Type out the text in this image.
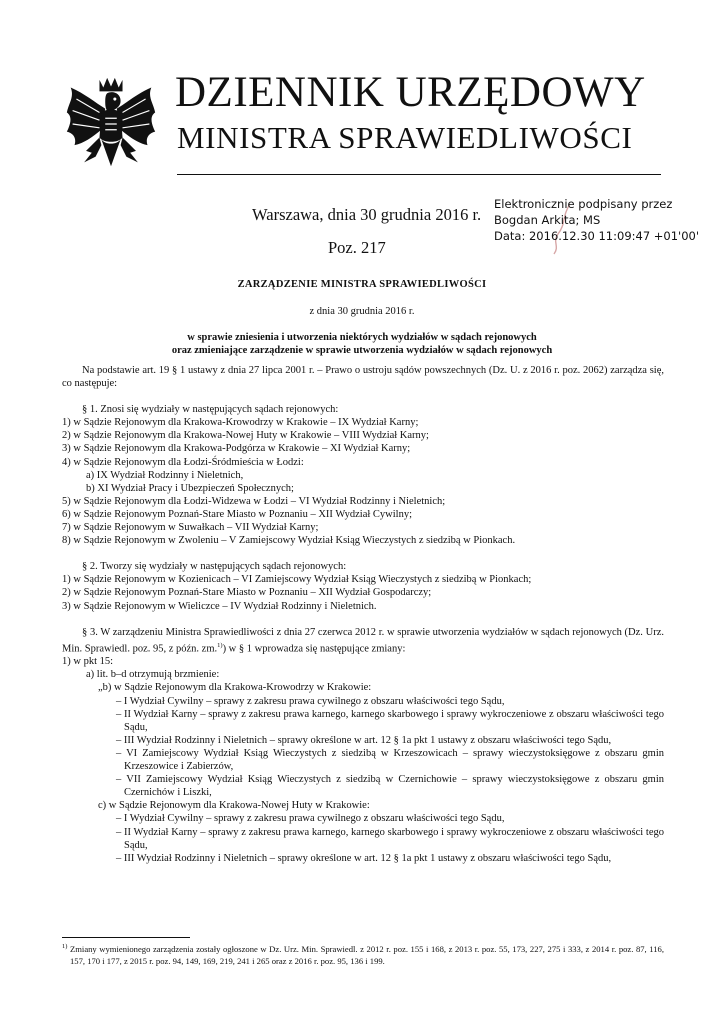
DZIENNIK URZĘDOWY
MINISTRA SPRAWIEDLIWOŚCI
Warszawa, dnia 30 grudnia 2016 r.
Poz. 217
Elektronicznie podpisany przez
Bogdan Arkita; MS
Data: 2016.12.30 11:09:47 +01'00'
ZARZĄDZENIE MINISTRA SPRAWIEDLIWOŚCI
z dnia 30 grudnia 2016 r.
w sprawie zniesienia i utworzenia niektórych wydziałów w sądach rejonowych
oraz zmieniające zarządzenie w sprawie utworzenia wydziałów w sądach rejonowych

Na podstawie art. 19 § 1 ustawy z dnia 27 lipca 2001 r. – Prawo o ustroju sądów powszechnych (Dz. U. z 2016 r. poz. 2062) zarządza się, co następuje:

§ 1. Znosi się wydziały w następujących sądach rejonowych:

1) w Sądzie Rejonowym dla Krakowa-Krowodrzy w Krakowie – IX Wydział Karny;

2) w Sądzie Rejonowym dla Krakowa-Nowej Huty w Krakowie – VIII Wydział Karny;

3) w Sądzie Rejonowym dla Krakowa-Podgórza w Krakowie – XI Wydział Karny;

4) w Sądzie Rejonowym dla Łodzi-Śródmieścia w Łodzi:

a) IX Wydział Rodzinny i Nieletnich,

b) XI Wydział Pracy i Ubezpieczeń Społecznych;

5) w Sądzie Rejonowym dla Łodzi-Widzewa w Łodzi – VI Wydział Rodzinny i Nieletnich;

6) w Sądzie Rejonowym Poznań-Stare Miasto w Poznaniu – XII Wydział Cywilny;

7) w Sądzie Rejonowym w Suwałkach – VII Wydział Karny;

8) w Sądzie Rejonowym w Zwoleniu – V Zamiejscowy Wydział Ksiąg Wieczystych z siedzibą w Pionkach.

§ 2. Tworzy się wydziały w następujących sądach rejonowych:

1) w Sądzie Rejonowym w Kozienicach – VI Zamiejscowy Wydział Ksiąg Wieczystych z siedzibą w Pionkach;

2) w Sądzie Rejonowym Poznań-Stare Miasto w Poznaniu – XII Wydział Gospodarczy;

3) w Sądzie Rejonowym w Wieliczce – IV Wydział Rodzinny i Nieletnich.

§ 3. W zarządzeniu Ministra Sprawiedliwości z dnia 27 czerwca 2012 r. w sprawie utworzenia wydziałów w sądach rejonowych (Dz. Urz. Min. Sprawiedl. poz. 95, z późn. zm.$^{1)}$) w § 1 wprowadza się następujące zmiany:

1) w pkt 15:

a) lit. b–d otrzymują brzmienie:

„b) w Sądzie Rejonowym dla Krakowa-Krowodrzy w Krakowie:

– I Wydział Cywilny – sprawy z zakresu prawa cywilnego z obszaru właściwości tego Sądu,

– II Wydział Karny – sprawy z zakresu prawa karnego, karnego skarbowego i sprawy wykroczeniowe z obszaru właściwości tego Sądu,

– III Wydział Rodzinny i Nieletnich – sprawy określone w art. 12 § 1a pkt 1 ustawy z obszaru właściwości tego Sądu,

– VI Zamiejscowy Wydział Ksiąg Wieczystych z siedzibą w Krzeszowicach – sprawy wieczystoksięgowe z obszaru gmin Krzeszowice i Zabierzów,

– VII Zamiejscowy Wydział Ksiąg Wieczystych z siedzibą w Czernichowie – sprawy wieczystoksięgowe z obszaru gmin Czernichów i Liszki,

c) w Sądzie Rejonowym dla Krakowa-Nowej Huty w Krakowie:

– I Wydział Cywilny – sprawy z zakresu prawa cywilnego z obszaru właściwości tego Sądu,

– II Wydział Karny – sprawy z zakresu prawa karnego, karnego skarbowego i sprawy wykroczeniowe z obszaru właściwości tego Sądu,

– III Wydział Rodzinny i Nieletnich – sprawy określone w art. 12 § 1a pkt 1 ustawy z obszaru właściwości tego Sądu,

$^{1)}$ Zmiany wymienionego zarządzenia zostały ogłoszone w Dz. Urz. Min. Sprawiedl. z 2012 r. poz. 155 i 168, z 2013 r. poz. 55, 173, 227, 275 i 333, z 2014 r. poz. 87, 116, 157, 170 i 177, z 2015 r. poz. 94, 149, 169, 219, 241 i 265 oraz z 2016 r. poz. 95, 136 i 199.
